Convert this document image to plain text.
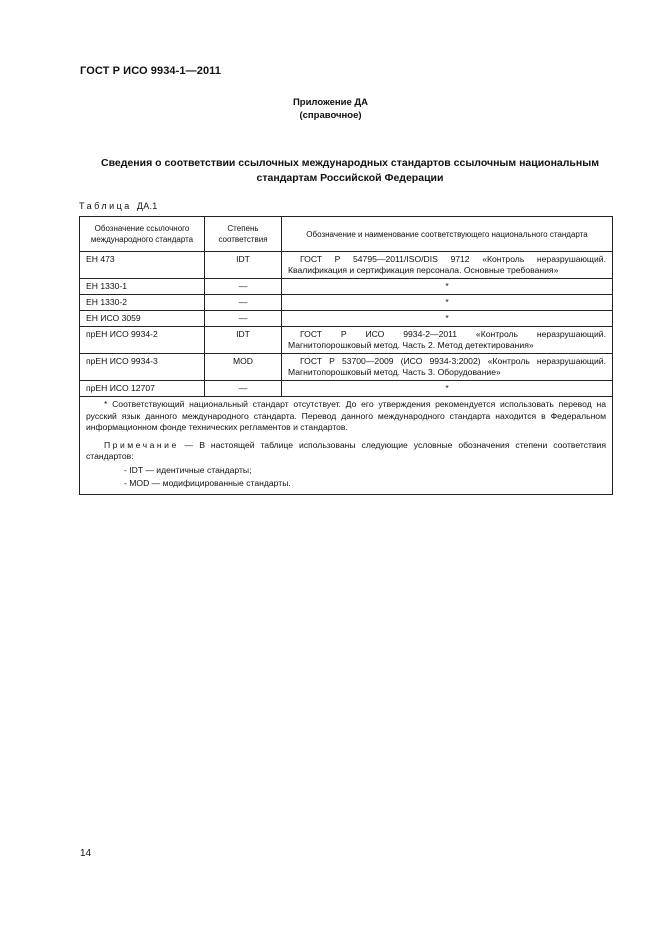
ГОСТ Р ИСО 9934-1—2011
Приложение ДА
(справочное)
Сведения о соответствии ссылочных международных стандартов ссылочным национальным
стандартам Российской Федерации
Таблица ДА.1
Обозначение ссылочного международного стандарта	Степень соответствия	Обозначение и наименование соответствующего национального стандарта
ЕН 473	IDT	ГОСТ Р 54795—2011/ISO/DIS 9712 «Контроль неразрушающий. Квалификация и сертификация персонала. Основные требования»
ЕН 1330-1	—	*
ЕН 1330-2	—	*
ЕН ИСО 3059	—	*
прЕН ИСО 9934-2	IDT	ГОСТ Р ИСО 9934-2—2011 «Контроль неразрушающий. Магнитопорошковый метод. Часть 2. Метод детектирования»
прЕН ИСО 9934-3	MOD	ГОСТ Р 53700—2009 (ИСО 9934-3:2002) «Контроль неразрушающий. Магнитопорошковый метод. Часть 3. Оборудование»
прЕН ИСО 12707	—	*

* Соответствующий национальный стандарт отсутствует. До его утверждения рекомендуется использовать перевод на русский язык данного международного стандарта. Перевод данного международного стандарта находится в Федеральном информационном фонде технических регламентов и стандартов.

Примечание — В настоящей таблице использованы следующие условные обозначения степени соответствия стандартов:

- IDT — идентичные стандарты;
- MOD — модифицированные стандарты.		
14
